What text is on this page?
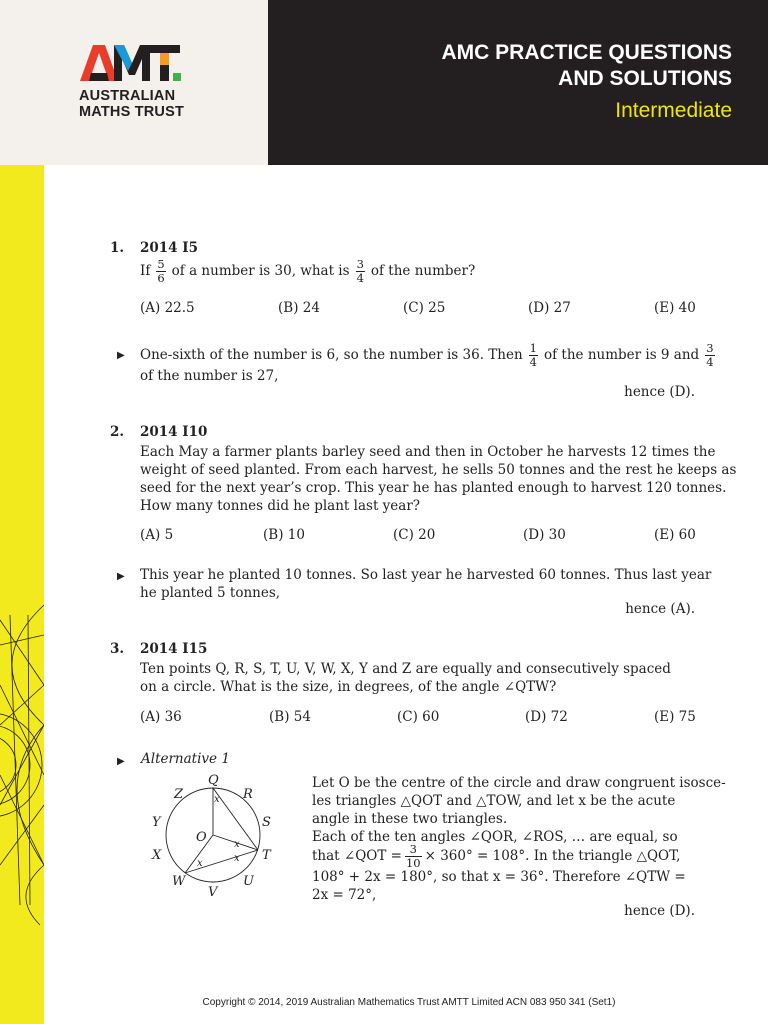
AUSTRALIAN
MATHS TRUST
AMC PRACTICE QUESTIONS
AND SOLUTIONS
Intermediate
1. 2014 I5
If $\frac{5}{6}$ of a number is 30, what is $\frac{3}{4}$ of the number?
(A) 22.5	(B) 24	(C) 25	(D) 27	(E) 40
▶ One-sixth of the number is 6, so the number is 36. Then $\frac{1}{4}$ of the number is 9 and $\frac{3}{4}$
of the number is 27,
hence (D).
2. 2014 I10
Each May a farmer plants barley seed and then in October he harvests 12 times the
weight of seed planted. From each harvest, he sells 50 tonnes and the rest he keeps as
seed for the next year’s crop. This year he has planted enough to harvest 120 tonnes.
How many tonnes did he plant last year?
(A) 5	(B) 10	(C) 20	(D) 30	(E) 60
▶ This year he planted 10 tonnes. So last year he harvested 60 tonnes. Thus last year
he planted 5 tonnes,
hence (A).
3. 2014 I15
Ten points Q, R, S, T, U, V, W, X, Y and Z are equally and consecutively spaced
on a circle. What is the size, in degrees, of the angle ∠QTW?
(A) 36	(B) 54	(C) 60	(D) 72	(E) 75
▶ Alternative 1
Q
R
S
T
U
V
W
X
Y
Z
O
x
x
x
x
Let O be the centre of the circle and draw congruent isosce-
les triangles △QOT and △TOW, and let x be the acute
angle in these two triangles.
Each of the ten angles ∠QOR, ∠ROS, … are equal, so
that ∠QOT = $\frac{3}{10} \times 360^\circ = 108^\circ$. In the triangle △QOT,
108° + 2x = 180°, so that x = 36°. Therefore ∠QTW =
2x = 72°,
hence (D).
Copyright © 2014, 2019 Australian Mathematics Trust AMTT Limited ACN 083 950 341 (Set1)
